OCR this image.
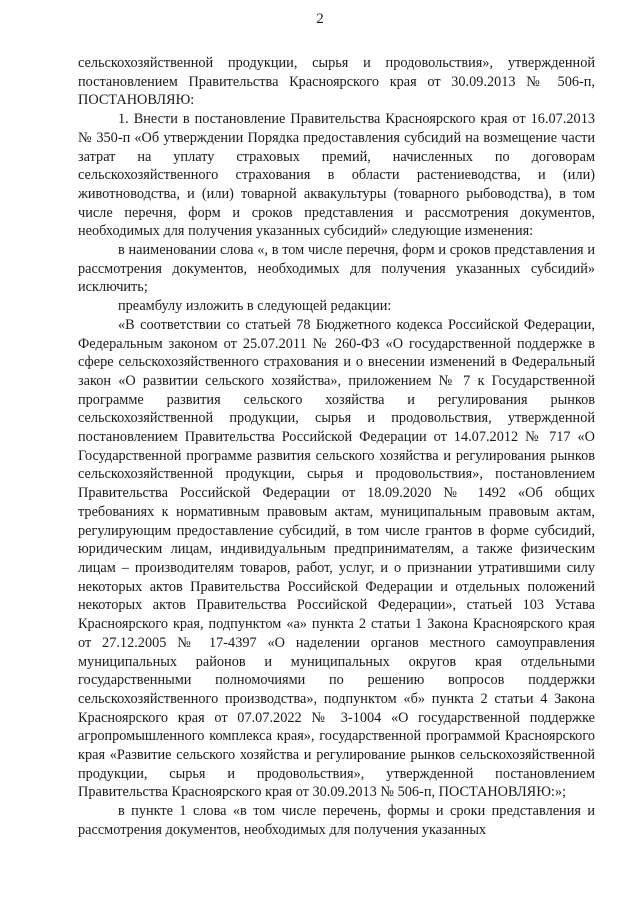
2

сельскохозяйственной продукции, сырья и продовольствия», утвержденной постановлением Правительства Красноярского края от 30.09.2013 № 506-п, ПОСТАНОВЛЯЮ:

1. Внести в постановление Правительства Красноярского края от 16.07.2013 № 350-п «Об утверждении Порядка предоставления субсидий на возмещение части затрат на уплату страховых премий, начисленных по договорам сельскохозяйственного страхования в области растениеводства, и (или) животноводства, и (или) товарной аквакультуры (товарного рыбоводства), в том числе перечня, форм и сроков представления и рассмотрения документов, необходимых для получения указанных субсидий» следующие изменения:

в наименовании слова «, в том числе перечня, форм и сроков представления и рассмотрения документов, необходимых для получения указанных субсидий» исключить;

преамбулу изложить в следующей редакции:

«В соответствии со статьей 78 Бюджетного кодекса Российской Федерации, Федеральным законом от 25.07.2011 № 260-ФЗ «О государственной поддержке в сфере сельскохозяйственного страхования и о внесении изменений в Федеральный закон «О развитии сельского хозяйства», приложением № 7 к Государственной программе развития сельского хозяйства и регулирования рынков сельскохозяйственной продукции, сырья и продовольствия, утвержденной постановлением Правительства Российской Федерации от 14.07.2012 № 717 «О Государственной программе развития сельского хозяйства и регулирования рынков сельскохозяйственной продукции, сырья и продовольствия», постановлением Правительства Российской Федерации от 18.09.2020 № 1492 «Об общих требованиях к нормативным правовым актам, муниципальным правовым актам, регулирующим предоставление субсидий, в том числе грантов в форме субсидий, юридическим лицам, индивидуальным предпринимателям, а также физическим лицам – производителям товаров, работ, услуг, и о признании утратившими силу некоторых актов Правительства Российской Федерации и отдельных положений некоторых актов Правительства Российской Федерации», статьей 103 Устава Красноярского края, подпунктом «а» пункта 2 статьи 1 Закона Красноярского края от 27.12.2005 № 17-4397 «О наделении органов местного самоуправления муниципальных районов и муниципальных округов края отдельными государственными полномочиями по решению вопросов поддержки сельскохозяйственного производства», подпунктом «б» пункта 2 статьи 4 Закона Красноярского края от 07.07.2022 № 3-1004 «О государственной поддержке агропромышленного комплекса края», государственной программой Красноярского края «Развитие сельского хозяйства и регулирование рынков сельскохозяйственной продукции, сырья и продовольствия», утвержденной постановлением Правительства Красноярского края от 30.09.2013 № 506-п, ПОСТАНОВЛЯЮ:»;

в пункте 1 слова «в том числе перечень, формы и сроки представления и рассмотрения документов, необходимых для получения указанных
